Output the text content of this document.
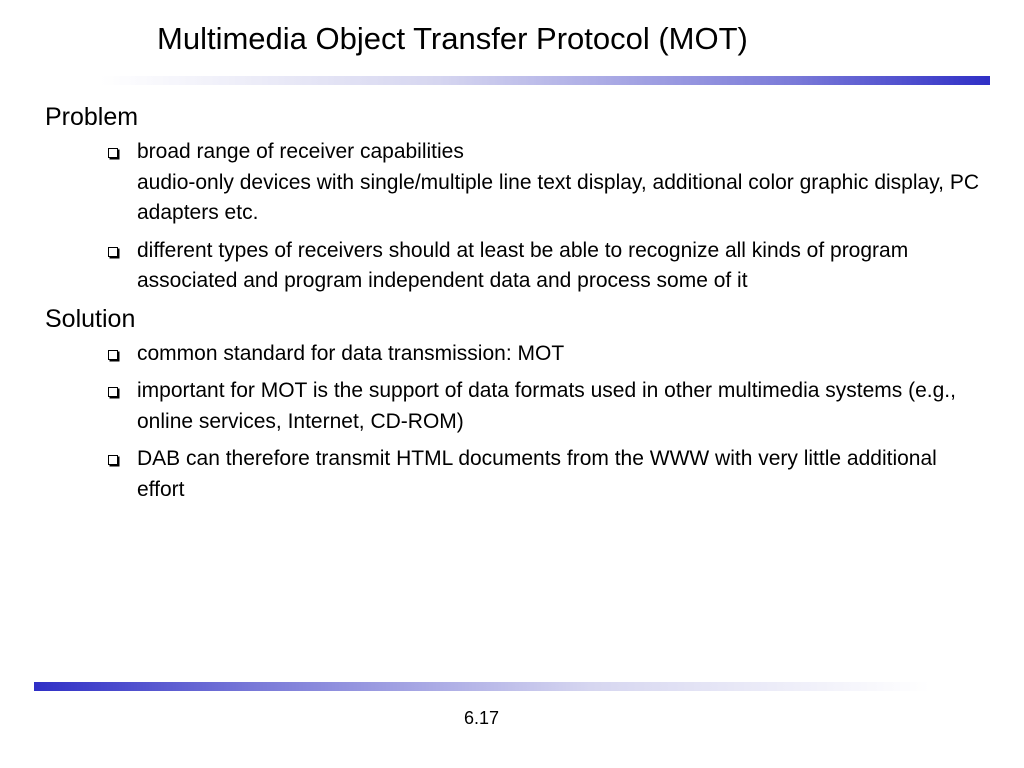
Multimedia Object Transfer Protocol (MOT)
Problem
broad range of receiver capabilities
audio-only devices with single/multiple line text display, additional color graphic display, PC adapters etc.
different types of receivers should at least be able to recognize all kinds of program associated and program independent data and process some of it
Solution
common standard for data transmission: MOT
important for MOT is the support of data formats used in other multimedia systems (e.g., online services, Internet, CD-ROM)
DAB can therefore transmit HTML documents from the WWW with very little additional effort
6.17
